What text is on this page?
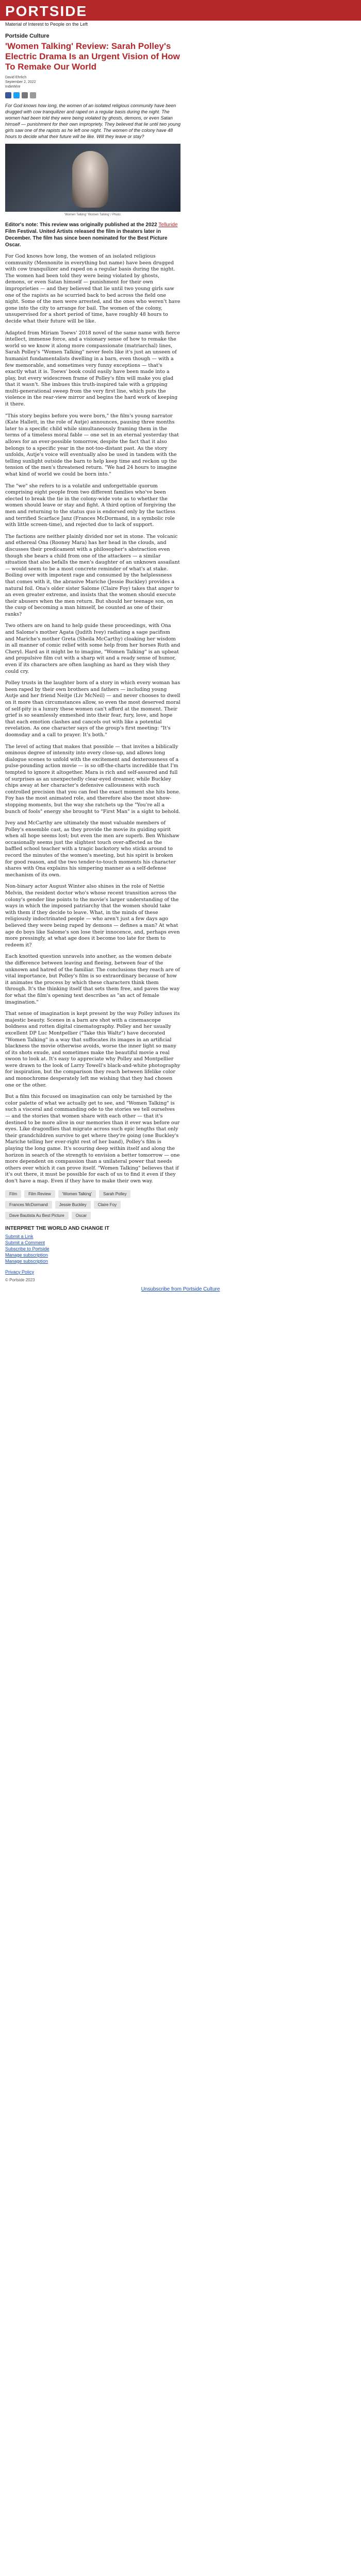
PORTSIDE
Material of Interest to People on the Left
Portside Culture
'Women Talking' Review: Sarah Polley's Electric Drama Is an Urgent Vision of How To Remake Our World
David Ehrlich
September 2, 2022
IndieWire
For God knows how long, the women of an isolated religious community have been drugged with cow tranquilizer and raped on a regular basis during the night. The women had been told they were being violated by ghosts, demons, or even Satan himself — punishment for their own impropriety. They believed that lie until two young girls saw one of the rapists as he left one night. The women of the colony have 48 hours to decide what their future will be like. Will they leave or stay?
'Women Talking' 'Women Talking' / Photo:
Editor's note: This review was originally published at the 2022 Telluride Film Festival. United Artists released the film in theaters later in December. The film has since been nominated for the Best Picture Oscar.

For God knows how long, the women of an isolated religious community (Mennonite in everything but name) have been drugged with cow tranquilizer and raped on a regular basis during the night. The women had been told they were being violated by ghosts, demons, or even Satan himself — punishment for their own improprieties — and they believed that lie until two young girls saw one of the rapists as he scurried back to bed across the field one night. Some of the men were arrested, and the ones who weren't have gone into the city to arrange for bail. The women of the colony, unsupervised for a short period of time, have roughly 48 hours to decide what their future will be like.

Adapted from Miriam Toews' 2018 novel of the same name with fierce intellect, immense force, and a visionary sense of how to remake the world so we know it along more compassionate (matriarchal) lines, Sarah Polley's "Women Talking" never feels like it's just an unseen of humanist fundamentalists dwelling in a barn, even though — with a few memorable, and sometimes very funny exceptions — that's exactly what it is. Toews' book could easily have been made into a play, but every widescreen frame of Polley's film will make you glad that it wasn't. She imbues this truth-inspired tale with a gripping multi-generational sweep from the very first line, which puts the violence in the rear-view mirror and begins the hard work of keeping it there.

"This story begins before you were born," the film's young narrator (Kate Hallett, in the role of Autje) announces, pausing three months later to a specific child while simultaneously framing them in the terms of a timeless moral fable — one set in an eternal yesterday that allows for an ever-possible tomorrow, despite the fact that it also belongs to a specific year in the not-too-distant past. As the story unfolds, Autje's voice will eventually also be used in tandem with the telling sunlight outside the barn to help keep time and reckon up the tension of the men's threatened return. "We had 24 hours to imagine what kind of world we could be born into."

The "we" she refers to is a volatile and unforgettable quorum comprising eight people from two different families who've been elected to break the tie in the colony-wide vote as to whether the women should leave or stay and fight. A third option of forgiving the men and returning to the status quo is endorsed only by the tactless and terrified Scarface Janz (Frances McDormand, in a symbolic role with little screen-time), and rejected due to lack of support.

The factions are neither plainly divided nor set in stone. The volcanic and ethereal Ona (Rooney Mara) has her head in the clouds, and discusses their predicament with a philosopher's abstraction even though she bears a child from one of the attackers — a similar situation that also befalls the men's daughter of an unknown assailant — would seem to be a most concrete reminder of what's at stake. Boiling over with impotent rage and consumed by the helplessness that comes with it, the abrasive Mariche (Jessie Buckley) provides a natural foil. Ona's older sister Salome (Claire Foy) takes that anger to an even greater extreme, and insists that the women should execute their abusers when the men return. But should her teenage son, on the cusp of becoming a man himself, be counted as one of their ranks?

Two others are on hand to help guide these proceedings, with Ona and Salome's mother Agata (Judith Ivey) radiating a sage pacifism and Mariche's mother Greta (Sheila McCarthy) cloaking her wisdom in all manner of comic relief with some help from her horses Ruth and Cheryl. Hard as it might be to imagine, "Women Talking" is an upbeat and propulsive film cut with a sharp wit and a ready sense of humor, even if its characters are often laughing as hard as they wish they could cry.

Polley trusts in the laughter born of a story in which every woman has been raped by their own brothers and fathers — including young Autje and her friend Neitje (Liv McNeil) — and never chooses to dwell on it more than circumstances allow, so even the most deserved moral of self-pity is a luxury these women can't afford at the moment. Their grief is so seamlessly enmeshed into their fear, fury, love, and hope that each emotion clashes and cancels out with like a potential revelation. As one character says of the group's first meeting: "It's doomsday and a call to prayer. It's both."

The level of acting that makes that possible — that invites a biblically ominous degree of intensity into every close-up, and allows long dialogue scenes to unfold with the excitement and dexterousness of a pulse-pounding action movie — is so off-the-charts incredible that I'm tempted to ignore it altogether. Mara is rich and self-assured and full of surprises as an unexpectedly clear-eyed dreamer, while Buckley chips away at her character's defensive callousness with such controlled precision that you can feel the exact moment she hits bone. Foy has the most animated role, and therefore also the most show-stopping moments, but the way she ratchets up the "You're all a bunch of fools" energy she brought to "First Man" is a sight to behold.

Ivey and McCarthy are ultimately the most valuable members of Polley's ensemble cast, as they provide the movie its guiding spirit when all hope seems lost; but even the men are superb. Ben Whishaw occasionally seems just the slightest touch over-affected as the baffled school teacher with a tragic backstory who sticks around to record the minutes of the women's meeting, but his spirit is broken for good reason, and the two tender-to-touch moments his character shares with Ona explains his simpering manner as a self-defense mechanism of its own.

Non-binary actor August Winter also shines in the role of Nettie Melvin, the resident doctor who's whose recent transition across the colony's gender line points to the movie's larger understanding of the ways in which the imposed patriarchy that the women should take with them if they decide to leave. What, in the minds of these religiously indoctrinated people — who aren't just a few days ago believed they were being raped by demons — defines a man? At what age do boys like Salome's son lose their innocence, and, perhaps even more pressingly, at what age does it become too late for them to redeem it?

Each knotted question unravels into another, as the women debate the difference between leaving and fleeing, between fear of the unknown and hatred of the familiar. The conclusions they reach are of vital importance, but Polley's film is so extraordinary because of how it animates the process by which these characters think them through. It's the thinking itself that sets them free, and paves the way for what the film's opening text describes as "an act of female imagination."

That sense of imagination is kept present by the way Polley infuses its majestic beauty. Scenes in a barn are shot with a cinemascope boldness and rotten digital cinematography. Polley and her usually excellent DP Luc Montpellier ("Take this Waltz") have decorated "Women Talking" in a way that suffocates its images in an artificial blackness the movie otherwise avoids, worse the inner light so many of its shots exude, and sometimes make the beautiful movie a real swoon to look at. It's easy to appreciate why Polley and Montpellier were drawn to the look of Larry Towell's black-and-white photography for inspiration, but the comparison they reach between lifelike color and monochrome desperately left me wishing that they had chosen one or the other.

But a film this focused on imagination can only be tarnished by the color palette of what we actually get to see, and "Women Talking" is such a visceral and commanding ode to the stories we tell ourselves — and the stories that women share with each other — that it's destined to be more alive in our memories than it ever was before our eyes. Like dragonflies that migrate across such epic lengths that only their grandchildren survive to get where they're going (one Buckley's Mariche telling her ever-right rest of her band), Polley's film is playing the long game. It's scouring deep within itself and along the horizon in search of the strength to envision a better tomorrow — one more dependent on compassion than a unilateral power that needs others over which it can prove itself. "Women Talking" believes that if it's out there, it must be possible for each of us to find it even if they don't have a map. Even if they have to make their own way.

Film	Film Review	'Women Talking'	Sarah Polley
Frances McDormand	Jessie Buckley	Claire Foy
Dave Bautista Au Best Picture	Oscar
INTERPRET THE WORLD AND CHANGE IT
Submit a Link
Submit a Comment
Subscribe to Portside
Manage subscription
Manage subscription
Privacy Policy
© Portside 2023
Unsubscribe from Portside Culture
